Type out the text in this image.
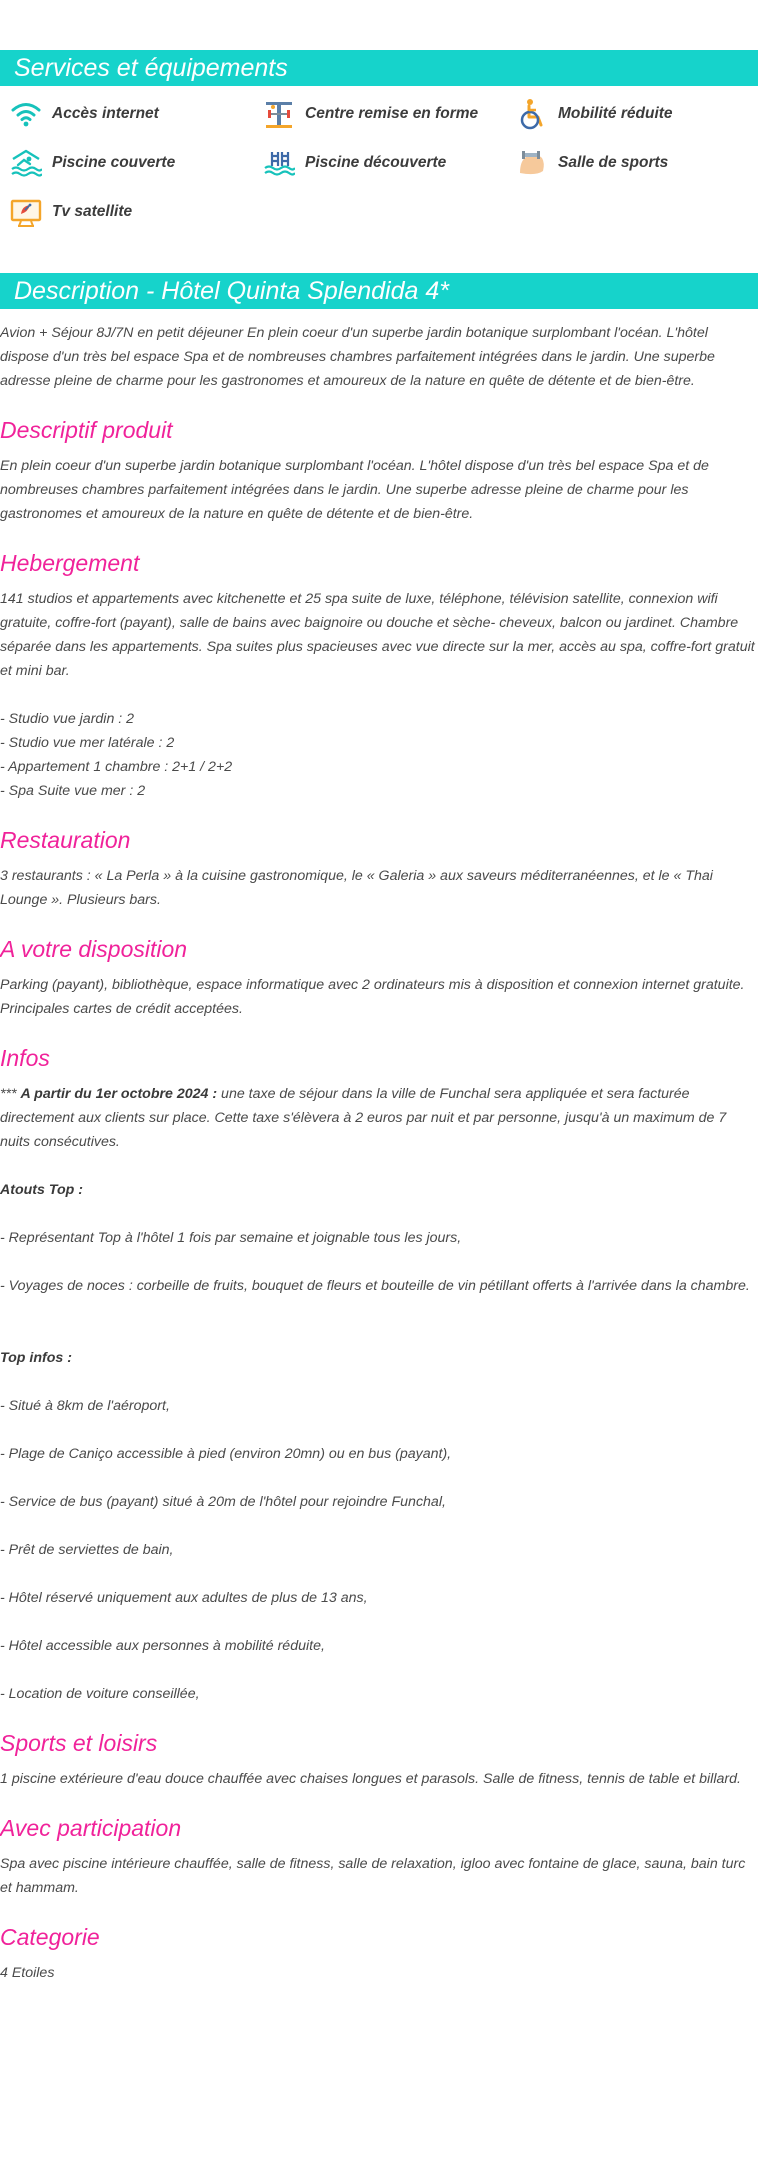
Services et équipements
Accès internet	Centre remise en forme	Mobilité réduite
Piscine couverte	Piscine découverte	Salle de sports
Tv satellite
Description - Hôtel Quinta Splendida 4*

Avion + Séjour 8J/7N en petit déjeuner En plein coeur d'un superbe jardin botanique surplombant l'océan. L'hôtel dispose d'un très bel espace Spa et de nombreuses chambres parfaitement intégrées dans le jardin. Une superbe adresse pleine de charme pour les gastronomes et amoureux de la nature en quête de détente et de bien-être.

Descriptif produit

En plein coeur d'un superbe jardin botanique surplombant l'océan. L'hôtel dispose d'un très bel espace Spa et de nombreuses chambres parfaitement intégrées dans le jardin. Une superbe adresse pleine de charme pour les gastronomes et amoureux de la nature en quête de détente et de bien-être.

Hebergement

141 studios et appartements avec kitchenette et 25 spa suite de luxe, téléphone, télévision satellite, connexion wifi gratuite, coffre-fort (payant), salle de bains avec baignoire ou douche et sèche- cheveux, balcon ou jardinet. Chambre séparée dans les appartements. Spa suites plus spacieuses avec vue directe sur la mer, accès au spa, coffre-fort gratuit et mini bar.

- Studio vue jardin : 2

- Studio vue mer latérale : 2

- Appartement 1 chambre : 2+1 / 2+2

- Spa Suite vue mer : 2

Restauration

3 restaurants : « La Perla » à la cuisine gastronomique, le « Galeria » aux saveurs méditerranéennes, et le « Thai Lounge ». Plusieurs bars.

A votre disposition

Parking (payant), bibliothèque, espace informatique avec 2 ordinateurs mis à disposition et connexion internet gratuite. Principales cartes de crédit acceptées.

Infos

*** A partir du 1er octobre 2024 : une taxe de séjour dans la ville de Funchal sera appliquée et sera facturée directement aux clients sur place. Cette taxe s'élèvera à 2 euros par nuit et par personne, jusqu'à un maximum de 7 nuits consécutives.

Atouts Top :

- Représentant Top à l'hôtel 1 fois par semaine et joignable tous les jours,

- Voyages de noces : corbeille de fruits, bouquet de fleurs et bouteille de vin pétillant offerts à l'arrivée dans la chambre.

Top infos :

- Situé à 8km de l'aéroport,

- Plage de Caniço accessible à pied (environ 20mn) ou en bus (payant),

- Service de bus (payant) situé à 20m de l'hôtel pour rejoindre Funchal,

- Prêt de serviettes de bain,

- Hôtel réservé uniquement aux adultes de plus de 13 ans,

- Hôtel accessible aux personnes à mobilité réduite,

- Location de voiture conseillée,

Sports et loisirs

1 piscine extérieure d'eau douce chauffée avec chaises longues et parasols. Salle de fitness, tennis de table et billard.

Avec participation

Spa avec piscine intérieure chauffée, salle de fitness, salle de relaxation, igloo avec fontaine de glace, sauna, bain turc et hammam.

Categorie

4 Etoiles
